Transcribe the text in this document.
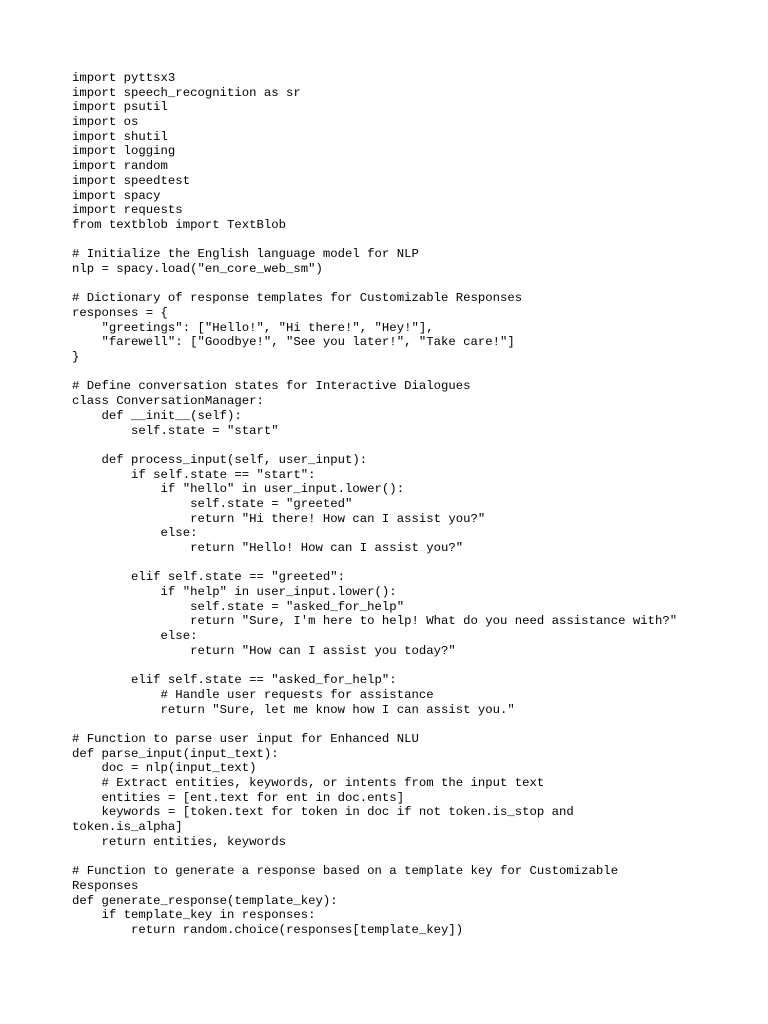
import pyttsx3
import speech_recognition as sr
import psutil
import os
import shutil
import logging
import random
import speedtest
import spacy
import requests
from textblob import TextBlob
# Initialize the English language model for NLP
nlp = spacy.load("en_core_web_sm")
# Dictionary of response templates for Customizable Responses
responses = {
"greetings": ["Hello!", "Hi there!", "Hey!"],
"farewell": ["Goodbye!", "See you later!", "Take care!"]
}
# Define conversation states for Interactive Dialogues
class ConversationManager:
def __init__(self):
self.state = "start"
def process_input(self, user_input):
if self.state == "start":
if "hello" in user_input.lower():
self.state = "greeted"
return "Hi there! How can I assist you?"
else:
return "Hello! How can I assist you?"
elif self.state == "greeted":
if "help" in user_input.lower():
self.state = "asked_for_help"
return "Sure, I'm here to help! What do you need assistance with?"
else:
return "How can I assist you today?"
elif self.state == "asked_for_help":
# Handle user requests for assistance
return "Sure, let me know how I can assist you."
# Function to parse user input for Enhanced NLU
def parse_input(input_text):
doc = nlp(input_text)
# Extract entities, keywords, or intents from the input text
entities = [ent.text for ent in doc.ents]
keywords = [token.text for token in doc if not token.is_stop and
token.is_alpha]
return entities, keywords
# Function to generate a response based on a template key for Customizable
Responses
def generate_response(template_key):
if template_key in responses:
return random.choice(responses[template_key])
